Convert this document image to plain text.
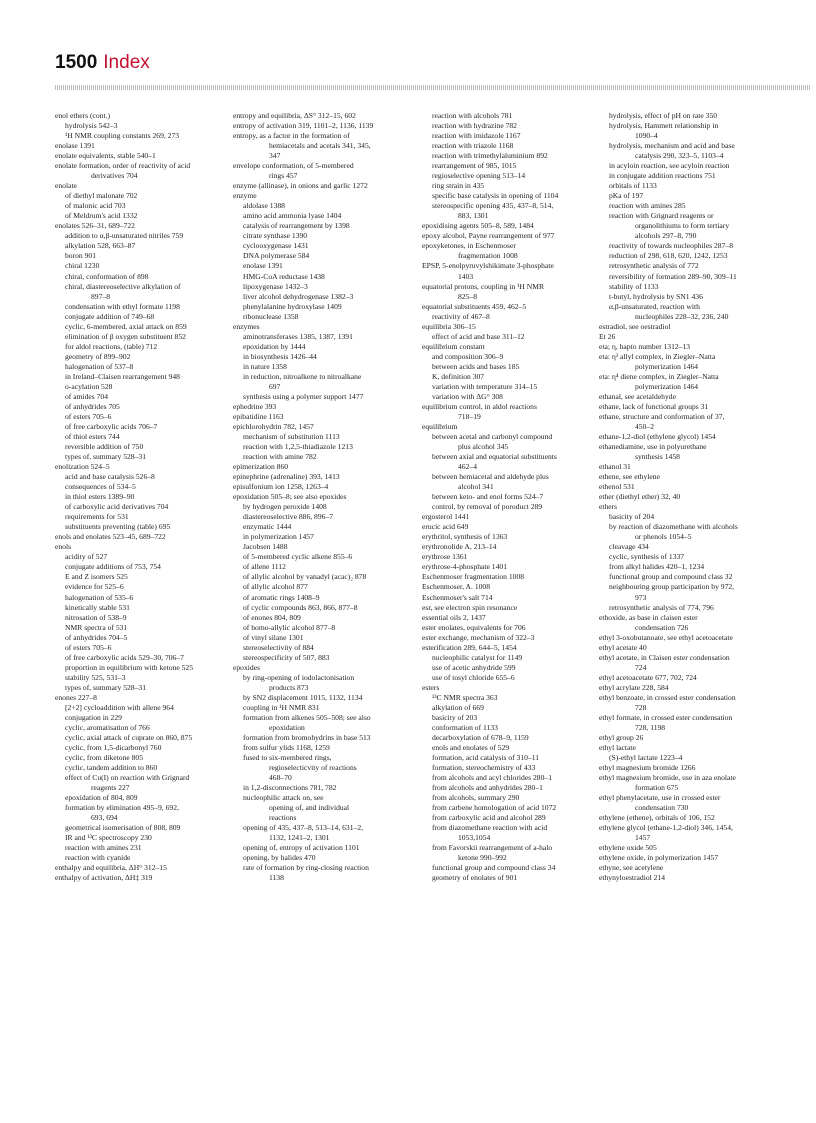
1500 Index
enol ethers (cont.)
hydrolysis 542–3
¹H NMR coupling constants 269, 273
enolase 1391
enolate equivalents, stable 540–1
enolate formation, order of reactivity of acid
derivatives 704
enolate
of diethyl malonate 702
of malonic acid 703
of Meldrum's acid 1332
enolates 526–31, 689–722
addition to α,β-unsaturated nitriles 759
alkylation 528, 663–87
boron 901
chiral 1230
chiral, conformation of 898
chiral, diastereoselective alkylation of
897–8
condensation with ethyl formate 1198
conjugate addition of 749–68
cyclic, 6-membered, axial attack on 859
elimination of β oxygen substituent 852
for aldol reactions, (table) 712
geometry of 899–902
halogenation of 537–8
in Ireland–Claisen rearrangement 948
o-acylation 528
of amides 704
of anhydrides 705
of esters 705–6
of free carboxylic acids 706–7
of thiol esters 744
reversible addition of 750
types of, summary 528–31
enolization 524–5
acid and base catalysis 526–8
consequences of 534–5
in thiol esters 1389–90
of carboxylic acid derivatives 704
requirements for 531
substituents preventing (table) 695
enols and enolates 523–45, 689–722
enols
acidity of 527
conjugate additions of 753, 754
E and Z isomers 525
evidence for 525–6
halogenation of 535–6
kinetically stable 531
nitrosation of 538–9
NMR spectra of 531
of anhydrides 704–5
of esters 705–6
of free carboxylic acids 529–30, 706–7
proportion in equilibrium with ketone 525
stability 525, 531–3
types of, summary 528–31
enones 227–8
[2+2] cycloaddition with allene 964
conjugation in 229
cyclic, aromatisation of 766
cyclic, axial attack of cuprate on 860, 875
cyclic, from 1,5-dicarbonyl 760
cyclic, from diketone 805
cyclic, tandem addition to 860
effect of Cu(I) on reaction with Grignard
reagents 227
epoxidation of 804, 809
formation by elimination 495–9, 692,
693, 694
geometrical isomerisation of 808, 809
IR and ¹³C spectroscopy 230
reaction with amines 231
reaction with cyanide
enthalpy and equilibria, ΔH° 312–15
enthalpy of activation, ΔH‡ 319
entropy and equilibria, ΔS° 312–15, 602
entropy of activation 319, 1101–2, 1136, 1139
entropy, as a factor in the formation of
hemiacetals and acetals 341, 345,
347
envelope conformation, of 5-membered
rings 457
enzyme (allinase), in onions and garlic 1272
enzyme
aldolase 1388
amino acid ammonia lyase 1404
catalysis of rearrangement by 1398
citrate synthase 1390
cyclooxygenase 1431
DNA polymerase 584
enolase 1391
HMG-CoA reductase 1438
lipoxygenase 1432–3
liver alcohol dehydrogenase 1382–3
phenylalanine hydroxylase 1409
ribonuclease 1358
enzymes
aminotransferases 1385, 1387, 1391
epoxidation by 1444
in biosynthesis 1426–44
in nature 1358
in reduction, nitroalkene to nitroalkane
697
synthesis using a polymer support 1477
ephedrine 393
epibatidine 1163
epichlorohydrin 782, 1457
mechanism of substitution 1113
reaction with 1,2,5-thiadiazole 1213
reaction with amine 782
epimerization 860
epinephrine (adrenaline) 393, 1413
episulfonium ion 1258, 1263–4
epoxidation 505–8; see also epoxides
by hydrogen peroxide 1408
diastereoselective 886, 896–7
enzymatic 1444
in polymerization 1457
Jacobsen 1488
of 5-membered cyclic alkene 855–6
of allene 1112
of allylic alcohol by vanadyl (acac)₂ 878
of allylic alcohol 877
of aromatic rings 1408–9
of cyclic compounds 863, 866, 877–8
of enones 804, 809
of homo-allylic alcohol 877–8
of vinyl silane 1301
stereoselectivity of 884
stereospecificity of 507, 883
epoxides
by ring-opening of iodolactonisation
products 873
by SN2 displacement 1015, 1132, 1134
coupling in ¹H NMR 831
formation from alkenes 505–508; see also
epoxidation
formation from bromohydrins in base 513
from sulfur ylids 1168, 1259
fused to six-membered rings,
regioselecticvity of reactions
468–70
in 1,2-disconnections 781, 782
nucleophilic attack on, see
opening of, and individual
reactions
opening of 435, 437–8, 513–14, 631–2,
1132, 1241–2, 1301
opening of, entropy of activation 1101
opening, by halides 470
rate of formation by ring-closing reaction
1138
reaction with alcohols 781
reaction with hydrazine 782
reaction with imidazole 1167
reaction with triazole 1168
reaction with trimethylaluminium 892
rearrangement of 985, 1015
regioselective opening 513–14
ring strain in 435
specific base catalysis in opening of 1104
stereospecific opening 435, 437–8, 514,
883, 1301
epoxidising agents 505–8, 589, 1484
epoxy alcohol, Payne rearrangement of 977
epoxyketones, in Eschenmoser
fragmentation 1008
EPSP, 5-enolpyruvylshikimate 3-phosphate
1403
equatorial protons, coupling in ¹H NMR
825–8
equatorial substituents 459, 462–5
reactivity of 467–8
equilibria 306–15
effect of acid and base 311–12
equilibrium constant
and composition 306–9
between acids and bases 185
K, definition 307
variation with temperature 314–15
variation with ΔG° 308
equilibrium control, in aldol reactions
718–19
equilibrium
between acetal and carbonyl compound
plus alcohol 345
between axial and equatorial substituents
462–4
between hemiacetal and aldehyde plus
alcohol 341
between keto- and enol forms 524–7
control, by removal of poroduct 289
ergosterol 1441
erucic acid 649
erythritol, synthesis of 1363
erythronolide A, 213–14
erythrose 1361
erythrose-4-phosphate 1401
Eschenmoser fragmentation 1008
Eschenmoser, A. 1008
Eschenmoser's salt 714
esr, see electron spin resonance
essential oils 2, 1437
ester enolates, equivalents for 706
ester exchange, mechanism of 322–3
esterification 289, 644–5, 1454
nucleophilic catalyst for 1149
use of acetic anhydride 599
use of tosyl chloride 655–6
esters
¹³C NMR spectra 363
alkylation of 669
basicity of 203
conformation of 1133
decarboxylation of 678–9, 1159
enols and enolates of 529
formation, acid catalysis of 310–11
formation, stereochemistry of 433
from alcohols and acyl chlorides 280–1
from alcohols and anhydrides 280–1
from alcohols, summary 290
from carbene homologation of acid 1072
from carboxylic acid and alcohol 289
from diazomethane reaction with acid
1053,1054
from Favorskii rearrangement of a-halo
ketone 990–992
functional group and compound class 34
geometry of enolates of 901
hydrolysis, effect of pH on rate 350
hydrolysis, Hammett relationship in
1090–4
hydrolysis, mechanism and acid and base
catalysis 290, 323–5, 1103–4
in acyloin reaction, see acyloin reaction
in conjugate addition reactions 751
orbitals of 1133
pKa of 197
reaction with amines 285
reaction with Grignard reagents or
organolithiums to form tertiary
alcohols 297–8, 790
reactivity of towards nucleophiles 287–8
reduction of 298, 618, 620, 1242, 1253
retrosynthetic analysis of 772
reversibility of formation 289–90, 309–11
stability of 1133
t-butyl, hydrolysis by SN1 436
α,β-unsaturated, reaction with
nucleophiles 228–32, 236, 240
estradiol, see oestradiol
Et 26
eta; η, hapto number 1312–13
eta: η³ allyl complex, in Ziegler–Natta
polymerization 1464
eta: η⁴ diene complex, in Ziegler–Natta
polymerization 1464
ethanal, see acetaldehyde
ethane, lack of functional groups 31
ethane, structure and conformation of 37,
450–2
ethane-1,2-diol (ethylene glycol) 1454
ethanediamine, use in polyurethane
synthesis 1458
ethanol 31
ethene, see ethylene
ethenol 531
ether (diethyl ether) 32, 40
ethers
basicity of 204
by reaction of diazomethane with alcohols
or phenols 1054–5
cleavage 434
cyclic, synthesis of 1337
from alkyl halides 420–1, 1234
functional group and compound class 32
neighbouring group participation by 972,
973
retrosynthetic analysis of 774, 796
ethoxide, as base in claisen ester
condensation 726
ethyl 3-oxobutanoate, see ethyl acetoacetate
ethyl acetate 40
ethyl acetate, in Claisen ester condensation
724
ethyl acetoacetate 677, 702, 724
ethyl acrylate 228, 584
ethyl benzoate, in crossed ester condensation
728
ethyl formate, in crossed ester condensation
728, 1198
ethyl group 26
ethyl lactate
(S)-ethyl lactate 1223–4
ethyl magnesium bromide 1266
ethyl magnesium bromide, use in aza enolate
formation 675
ethyl phenylacetate, use in crossed ester
condensation 730
ethylene (ethene), orbitals of 106, 152
ethylene glycol (ethane-1,2-diol) 346, 1454,
1457
ethylene oxide 505
ethylene oxide, in polymerization 1457
ethyne, see acetylene
ethynyloestradiol 214
